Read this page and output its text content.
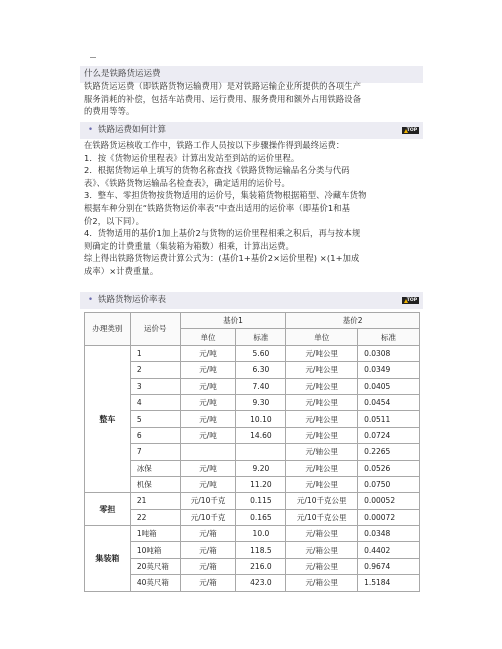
什么是铁路货运运费

铁路货运运费（即铁路货物运输费用）是对铁路运输企业所提供的各项生产

服务消耗的补偿，包括车站费用、运行费用、服务费用和额外占用铁路设备

的费用等等。

• 铁路运费如何计算	TOP

在铁路货运核收工作中，铁路工作人员按以下步骤操作得到最终运费：

1．按《货物运价里程表》计算出发站至到站的运价里程。

2．根据货物运单上填写的货物名称查找《铁路货物运输品名分类与代码

表》、《铁路货物运输品名检查表》，确定适用的运价号。

3．整车、零担货物按货物适用的运价号，集装箱货物根据箱型、冷藏车货物

根据车种分别在“铁路货物运价率表”中查出适用的运价率（即基价1和基

价2，以下同）。

4．货物适用的基价1加上基价2与货物的运价里程相乘之积后，再与按本规

则确定的计费重量（集装箱为箱数）相乘，计算出运费。

综上得出铁路货物运费计算公式为：(基价1+基价2×运价里程) ×(1+加成

成率）×计费重量。

• 铁路货物运价率表	TOP
办理类别	运价号	基价1		基价2	
		单位	标准	单位	标准
整车	1	元/吨	5.60	元/吨公里	0.0308
	2	元/吨	6.30	元/吨公里	0.0349
	3	元/吨	7.40	元/吨公里	0.0405
	4	元/吨	9.30	元/吨公里	0.0454
	5	元/吨	10.10	元/吨公里	0.0511
	6	元/吨	14.60	元/吨公里	0.0724
	7			元/轴公里	0.2265
	冰保	元/吨	9.20	元/吨公里	0.0526
	机保	元/吨	11.20	元/吨公里	0.0750
零担	21	元/10千克	0.115	元/10千克公里	0.00052
	22	元/10千克	0.165	元/10千克公里	0.00072
集装箱	1吨箱	元/箱	10.0	元/箱公里	0.0348
	10吨箱	元/箱	118.5	元/箱公里	0.4402
	20英尺箱	元/箱	216.0	元/箱公里	0.9674
	40英尺箱	元/箱	423.0	元/箱公里	1.5184
